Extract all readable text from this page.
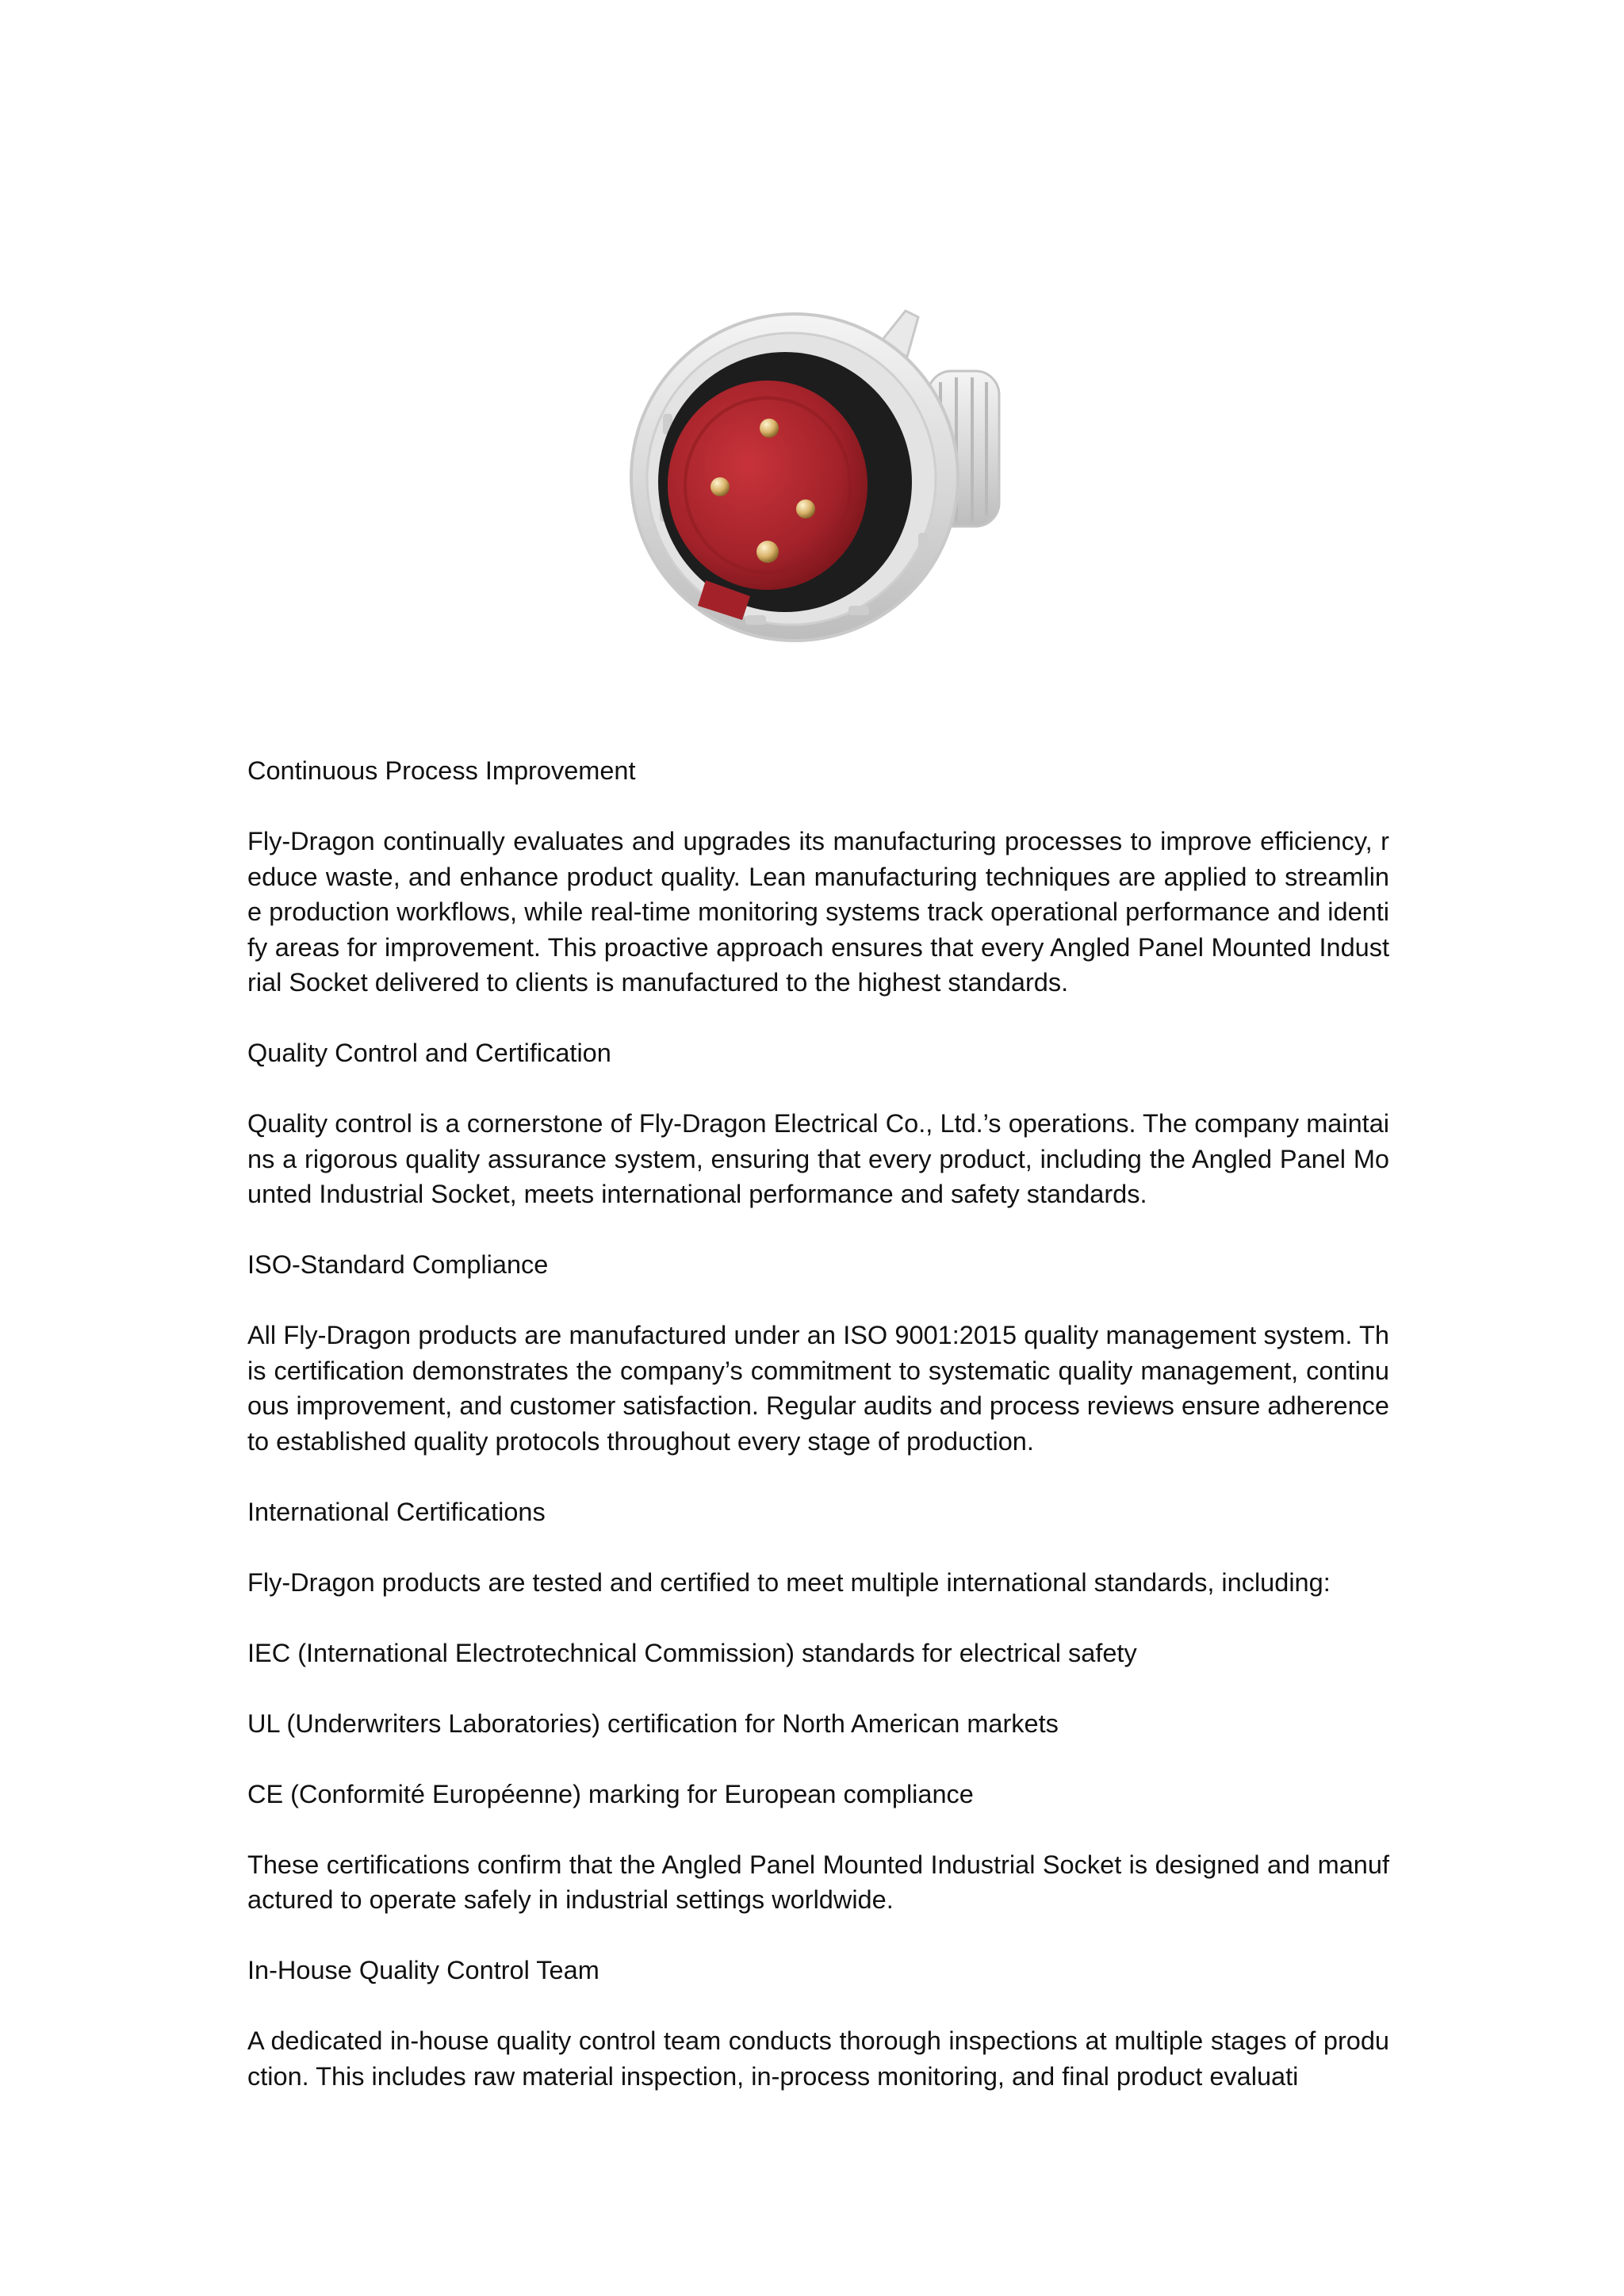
Continuous Process Improvement

Fly-Dragon continually evaluates and upgrades its manufacturing processes to improve efficiency, reduce waste, and enhance product quality. Lean manufacturing techniques are applied to streamline production workflows, while real-time monitoring systems track operational performance and identify areas for improvement. This proactive approach ensures that every Angled Panel Mounted Industrial Socket delivered to clients is manufactured to the highest standards.

Quality Control and Certification

Quality control is a cornerstone of Fly-Dragon Electrical Co., Ltd.’s operations. The company maintains a rigorous quality assurance system, ensuring that every product, including the Angled Panel Mounted Industrial Socket, meets international performance and safety standards.

ISO-Standard Compliance

All Fly-Dragon products are manufactured under an ISO 9001:2015 quality management system. This certification demonstrates the company’s commitment to systematic quality management, continuous improvement, and customer satisfaction. Regular audits and process reviews ensure adherence to established quality protocols throughout every stage of production.

International Certifications

Fly-Dragon products are tested and certified to meet multiple international standards, including:

IEC (International Electrotechnical Commission) standards for electrical safety

UL (Underwriters Laboratories) certification for North American markets

CE (Conformité Européenne) marking for European compliance

These certifications confirm that the Angled Panel Mounted Industrial Socket is designed and manufactured to operate safely in industrial settings worldwide.

In-House Quality Control Team

A dedicated in-house quality control team conducts thorough inspections at multiple stages of production. This includes raw material inspection, in-process monitoring, and final product evaluati
